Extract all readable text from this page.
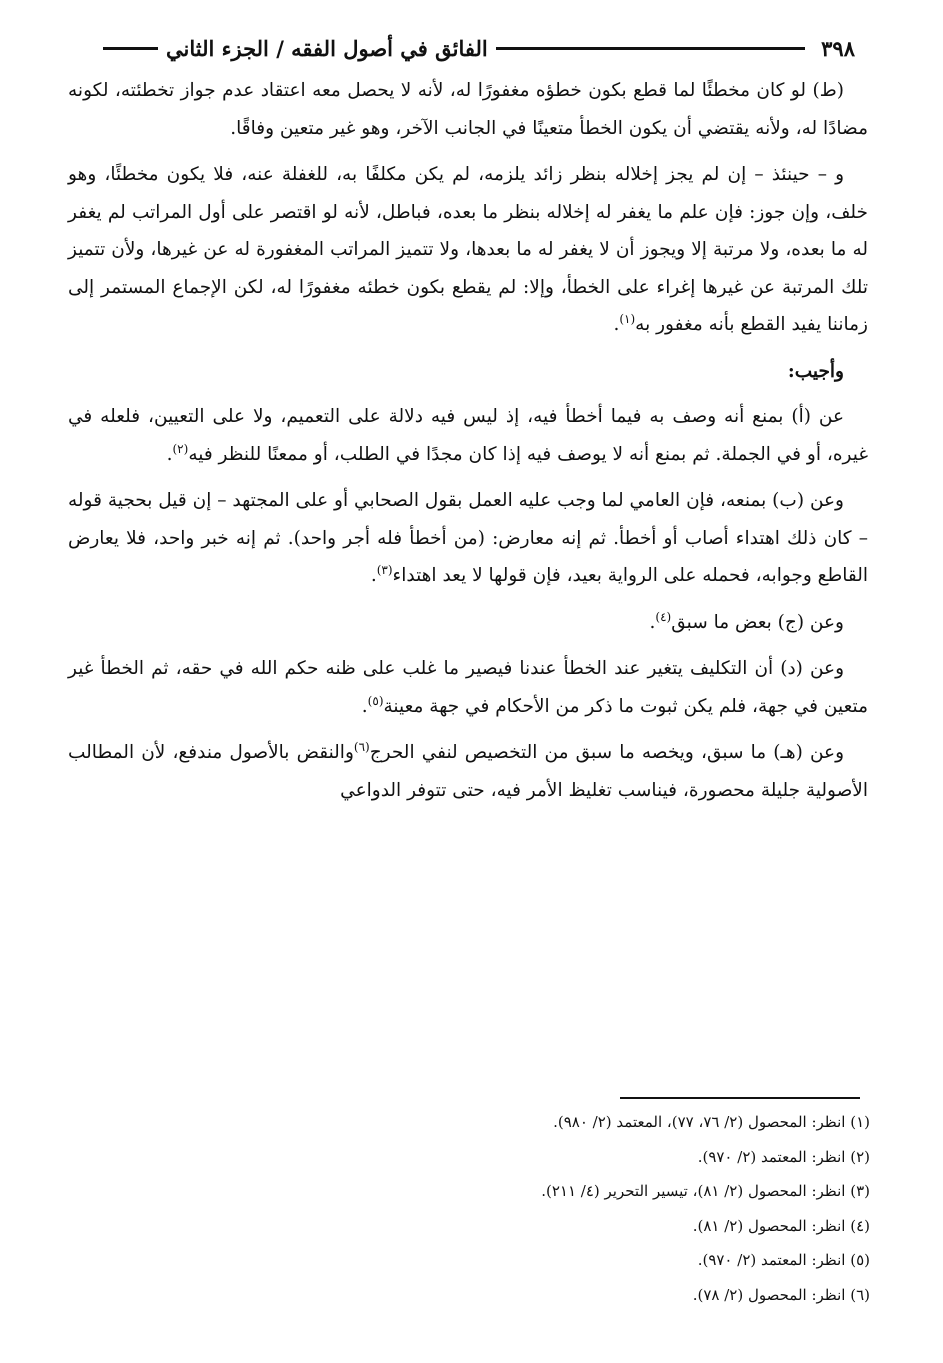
٣٩٨
الفائق في أصول الفقه / الجزء الثاني

(ط) لو كان مخطئًا لما قطع بكون خطؤه مغفورًا له، لأنه لا يحصل معه اعتقاد عدم جواز تخطئته، لكونه مضادًا له، ولأنه يقتضي أن يكون الخطأ متعينًا في الجانب الآخر، وهو غير متعين وفاقًا.

و – حينئذ – إن لم يجز إخلاله بنظر زائد يلزمه، لم يكن مكلفًا به، للغفلة عنه، فلا يكون مخطئًا، وهو خلف، وإن جوز: فإن علم ما يغفر له إخلاله بنظر ما بعده، فباطل، لأنه لو اقتصر على أول المراتب لم يغفر له ما بعده، ولا مرتبة إلا ويجوز أن لا يغفر له ما بعدها، ولا تتميز المراتب المغفورة له عن غيرها، ولأن تتميز تلك المرتبة عن غيرها إغراء على الخطأ، وإلا: لم يقطع بكون خطئه مغفورًا له، لكن الإجماع المستمر إلى زماننا يفيد القطع بأنه مغفور به$^{(١)}$.

وأجيب:

عن (أ) بمنع أنه وصف به فيما أخطأ فيه، إذ ليس فيه دلالة على التعميم، ولا على التعيين، فلعله في غيره، أو في الجملة. ثم بمنع أنه لا يوصف فيه إذا كان مجدًا في الطلب، أو ممعنًا للنظر فيه$^{(٢)}$.

وعن (ب) بمنعه، فإن العامي لما وجب عليه العمل بقول الصحابي أو على المجتهد – إن قيل بحجية قوله – كان ذلك اهتداء أصاب أو أخطأ. ثم إنه معارض: (من أخطأ فله أجر واحد). ثم إنه خبر واحد، فلا يعارض القاطع وجوابه، فحمله على الرواية بعيد، فإن قولها لا يعد اهتداء$^{(٣)}$.

وعن (ج) بعض ما سبق$^{(٤)}$.

وعن (د) أن التكليف يتغير عند الخطأ عندنا فيصير ما غلب على ظنه حكم الله في حقه، ثم الخطأ غير متعين في جهة، فلم يكن ثبوت ما ذكر من الأحكام في جهة معينة$^{(٥)}$.

وعن (هـ) ما سبق، ويخصه ما سبق من التخصيص لنفي الحرج$^{(٦)}$والنقض بالأصول مندفع، لأن المطالب الأصولية جليلة محصورة، فيناسب تغليظ الأمر فيه، حتى تتوفر الدواعي

(١) انظر: المحصول (٢/ ٧٦، ٧٧)، المعتمد (٢/ ٩٨٠).

(٢) انظر: المعتمد (٢/ ٩٧٠).

(٣) انظر: المحصول (٢/ ٨١)، تيسير التحرير (٤/ ٢١١).

(٤) انظر: المحصول (٢/ ٨١).

(٥) انظر: المعتمد (٢/ ٩٧٠).

(٦) انظر: المحصول (٢/ ٧٨).
